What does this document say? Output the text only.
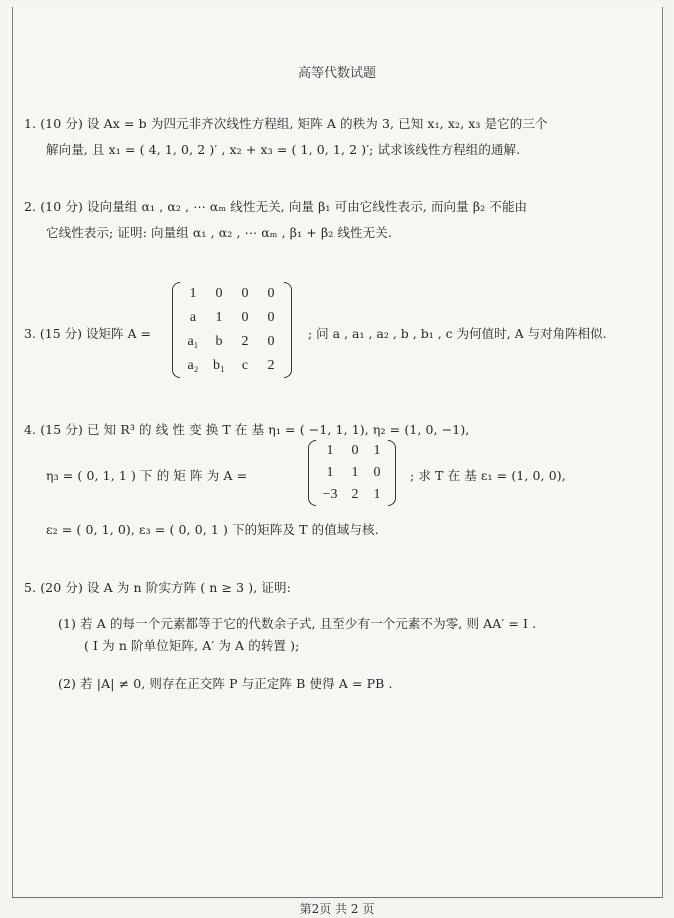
高等代数试题
1. (10 分) 设 Ax = b 为四元非齐次线性方程组, 矩阵 A 的秩为 3, 已知 x₁, x₂, x₃ 是它的三个
解向量, 且 x₁ = ( 4, 1, 0, 2 )′ , x₂ + x₃ = ( 1, 0, 1, 2 )′; 试求该线性方程组的通解.
2. (10 分) 设向量组 α₁ , α₂ , ⋯ αₘ 线性无关, 向量 β₁ 可由它线性表示, 而向量 β₂ 不能由
它线性表示; 证明: 向量组 α₁ , α₂ , ⋯ αₘ , β₁ + β₂ 线性无关.
3. (15 分) 设矩阵 A =
1 0 0 0
a 1 0 0
a₁ b 2 0
a₂ b₁ c 2
; 问 a , a₁ , a₂ , b , b₁ , c 为何值时, A 与对角阵相似.
4. (15 分) 已 知 R³ 的 线 性 变 换 T 在 基 η₁ = ( −1, 1, 1), η₂ = (1, 0, −1),
η₃ = ( 0, 1, 1 ) 下 的 矩 阵 为 A =
1 0 1
1 1 0
−3 2 1
; 求 T 在 基 ε₁ = (1, 0, 0),
ε₂ = ( 0, 1, 0), ε₃ = ( 0, 0, 1 ) 下的矩阵及 T 的值域与核.
5. (20 分) 设 A 为 n 阶实方阵 ( n ≥ 3 ), 证明:
(1) 若 A 的每一个元素都等于它的代数余子式, 且至少有一个元素不为零, 则 AA′ = I .
( I 为 n 阶单位矩阵, A′ 为 A 的转置 );
(2) 若 |A| ≠ 0, 则存在正交阵 P 与正定阵 B 使得 A = PB .
第2页 共 2 页
